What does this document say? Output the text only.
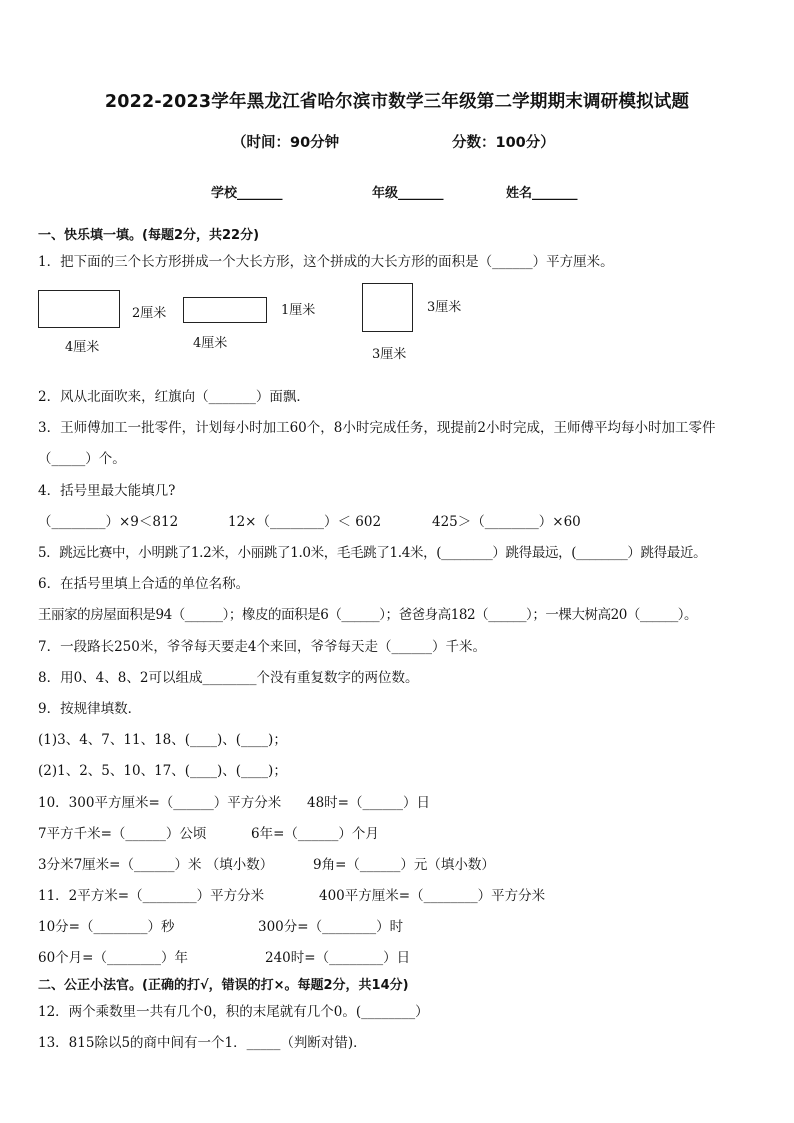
2022-2023学年黑龙江省哈尔滨市数学三年级第二学期期末调研模拟试题
（时间：90分钟	分数：100分）
学校_______	年级_______	姓名_______
一、快乐填一填。(每题2分，共22分)
1．把下面的三个长方形拼成一个大长方形，这个拼成的大长方形的面积是（______）平方厘米。
2厘米
4厘米
1厘米
4厘米
3厘米
3厘米
2．风从北面吹来，红旗向（_______）面飘．
3．王师傅加工一批零件，计划每小时加工60个，8小时完成任务，现提前2小时完成，王师傅平均每小时加工零件
（_____）个。
4．括号里最大能填几?
（________）×9＜812	12×（________）＜ 602	425＞（________）×60
5．跳远比赛中，小明跳了1.2米，小丽跳了1.0米，毛毛跳了1.4米，(________）跳得最远，(________）跳得最近。
6．在括号里填上合适的单位名称。
王丽家的房屋面积是94（______）；橡皮的面积是6（______）；爸爸身高182（______）；一棵大树高20（______）。
7．一段路长250米，爷爷每天要走4个来回，爷爷每天走（______）千米。
8．用0、4、8、2可以组成________个没有重复数字的两位数。
9．按规律填数．
(1)3、4、7、11、18、(____)、(____)；
(2)1、2、5、10、17、(____)、(____)；
10．300平方厘米=（______）平方分米 48时=（______）日
7平方千米=（______）公顷	6年=（______）个月
3分米7厘米=（______）米 （填小数）	9角=（______）元（填小数）
11．2平方米=（________）平方分米	400平方厘米=（________）平方分米
10分=（________）秒	300分=（________）时
60个月=（________）年	240时=（________）日
二、公正小法官。(正确的打√，错误的打×。每题2分，共14分)
12．两个乘数里一共有几个0，积的末尾就有几个0。(________）
13．815除以5的商中间有一个1．_____（判断对错)．
